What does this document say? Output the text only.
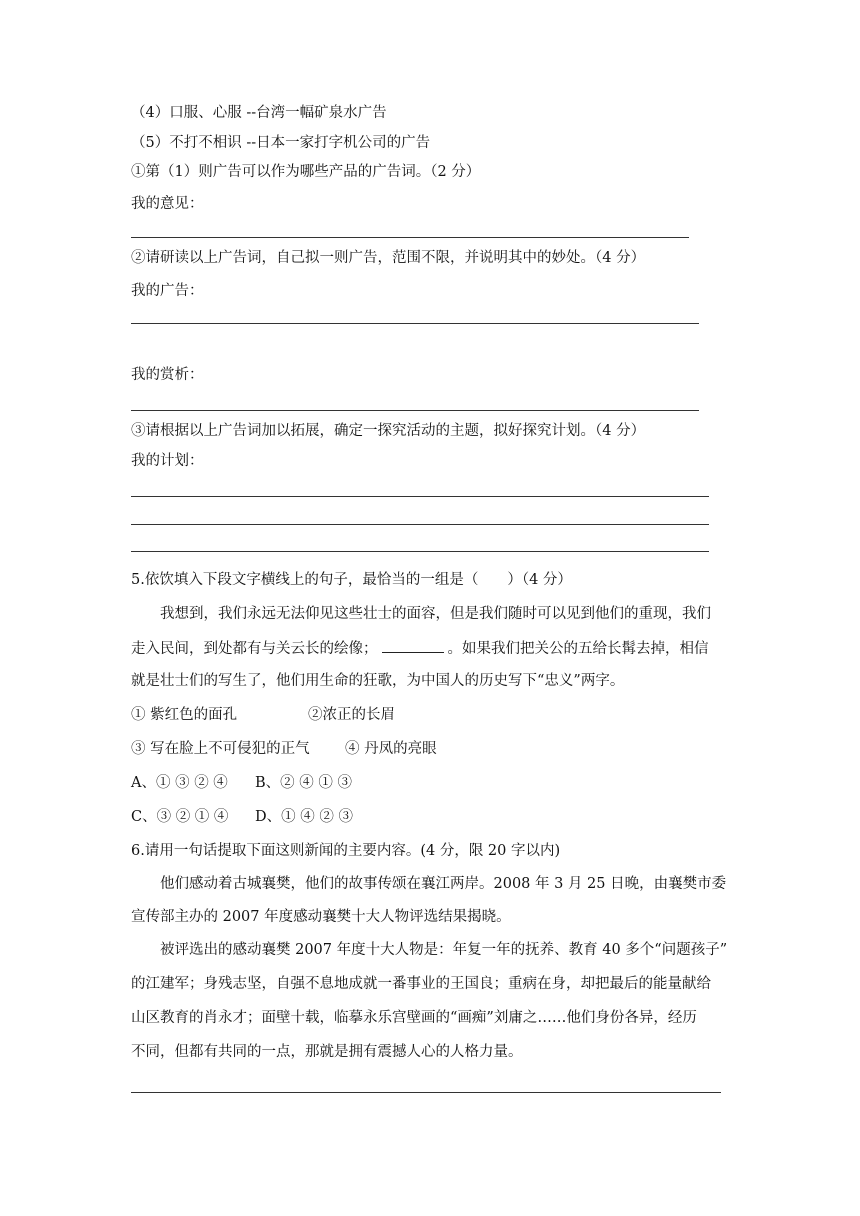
（4）口服、心服 --台湾一幅矿泉水广告
（5）不打不相识 --日本一家打字机公司的广告
①第（1）则广告可以作为哪些产品的广告词。（2 分）
我的意见：
②请研读以上广告词，自己拟一则广告，范围不限，并说明其中的妙处。（4 分）
我的广告：
我的赏析：
③请根据以上广告词加以拓展，确定一探究活动的主题，拟好探究计划。（4 分）
我的计划：
5.依饮填入下段文字横线上的句子，最恰当的一组是（　　）（4 分）
我想到，我们永远无法仰见这些壮士的面容，但是我们随时可以见到他们的重现，我们
走入民间，到处都有与关云长的绘像；	。如果我们把关公的五给长髯去掉，相信
就是壮士们的写生了，他们用生命的狂歌，为中国人的历史写下“忠义”两字。
① 紫红色的面孔	②浓正的长眉
③ 写在脸上不可侵犯的正气 ④ 丹凤的亮眼
A、① ③ ② ④ B、② ④ ① ③
C、③ ② ① ④ D、① ④ ② ③
6.请用一句话提取下面这则新闻的主要内容。(4 分，限 20 字以内)
他们感动着古城襄樊，他们的故事传颂在襄江两岸。2008 年 3 月 25 日晚，由襄樊市委
宣传部主办的 2007 年度感动襄樊十大人物评选结果揭晓。
被评选出的感动襄樊 2007 年度十大人物是：年复一年的抚养、教育 40 多个“问题孩子”
的江建军；身残志坚，自强不息地成就一番事业的王国良；重病在身，却把最后的能量献给
山区教育的肖永才；面壁十载，临摹永乐宫壁画的“画痴”刘庸之……他们身份各异，经历
不同，但都有共同的一点，那就是拥有震撼人心的人格力量。
